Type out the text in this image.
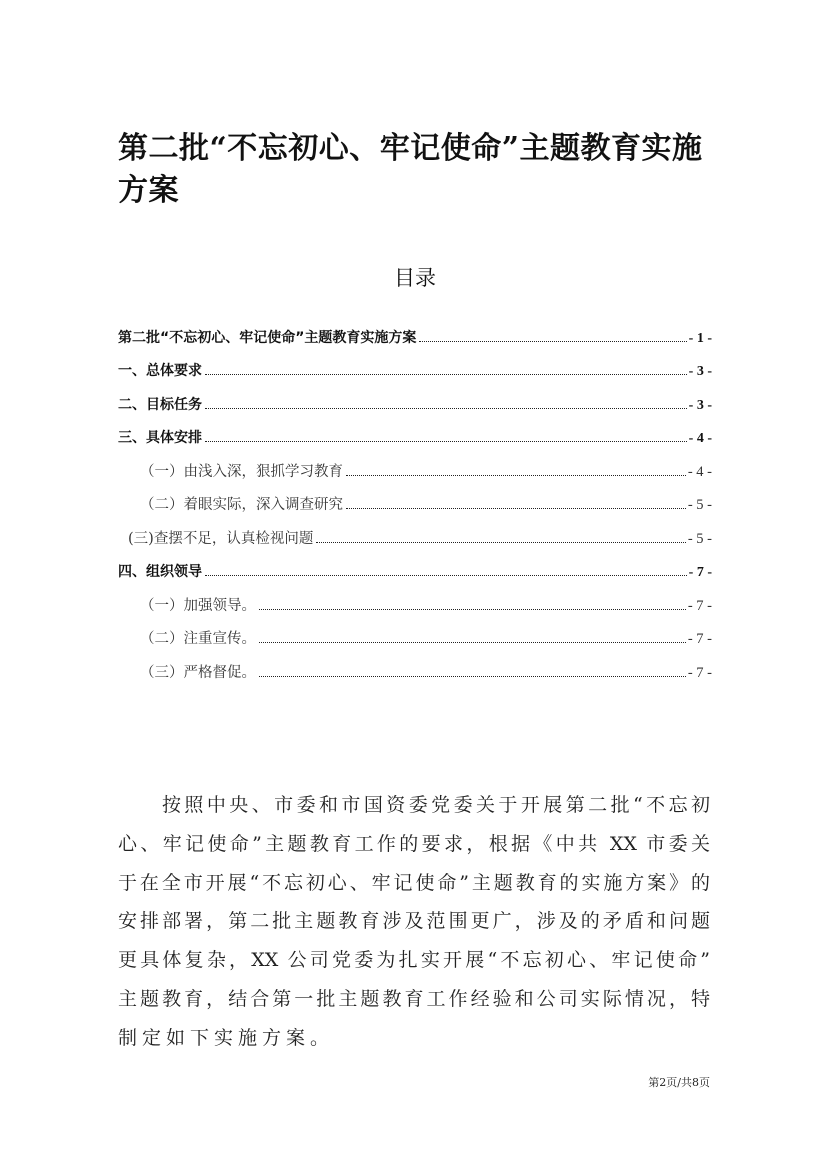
第二批“不忘初心、牢记使命”主题教育实施方案
目录
第二批“不忘初心、牢记使命”主题教育实施方案	- 1 -
一、总体要求	- 3 -
二、目标任务	- 3 -
三、具体安排	- 4 -
（一）由浅入深，狠抓学习教育	- 4 -
（二）着眼实际，深入调查研究	- 5 -
(三)查摆不足，认真检视问题	- 5 -
四、组织领导	- 7 -
（一）加强领导。	- 7 -
（二）注重宣传。	- 7 -
（三）严格督促。	- 7 -
按照中央、市委和市国资委党委关于开展第二批“不忘初
心、牢记使命”主题教育工作的要求，根据《中共 XX 市委关
于在全市开展“不忘初心、牢记使命”主题教育的实施方案》的
安排部署，第二批主题教育涉及范围更广，涉及的矛盾和问题
更具体复杂，XX 公司党委为扎实开展“不忘初心、牢记使命”
主题教育，结合第一批主题教育工作经验和公司实际情况，特
制定如下实施方案。
第2页/共8页
